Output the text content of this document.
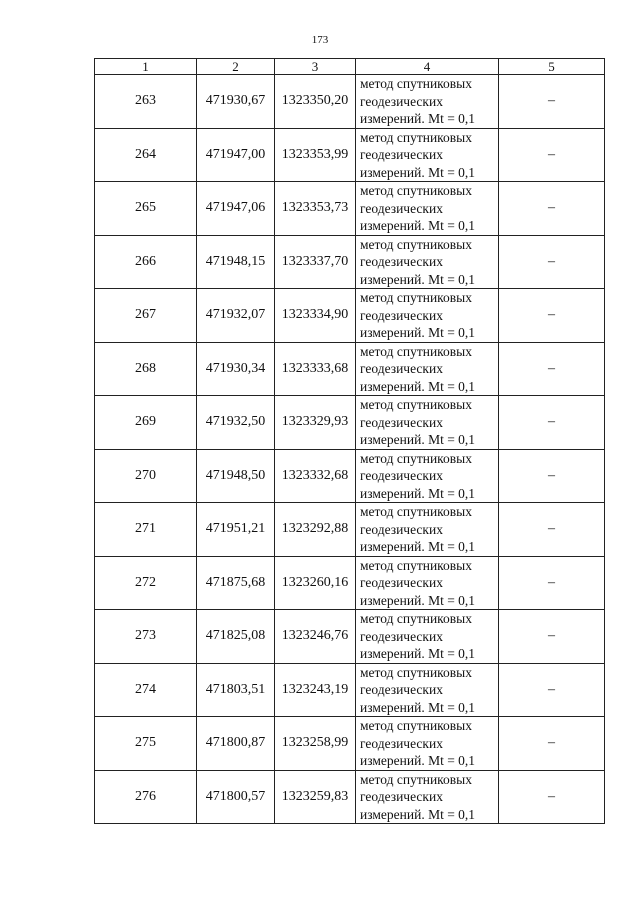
173
1	2	3	4	5
263	471930,67	1323350,20	метод спутниковых
геодезических
измерений. Mt = 0,1	–
264	471947,00	1323353,99	метод спутниковых
геодезических
измерений. Mt = 0,1	–
265	471947,06	1323353,73	метод спутниковых
геодезических
измерений. Mt = 0,1	–
266	471948,15	1323337,70	метод спутниковых
геодезических
измерений. Mt = 0,1	–
267	471932,07	1323334,90	метод спутниковых
геодезических
измерений. Mt = 0,1	–
268	471930,34	1323333,68	метод спутниковых
геодезических
измерений. Mt = 0,1	–
269	471932,50	1323329,93	метод спутниковых
геодезических
измерений. Mt = 0,1	–
270	471948,50	1323332,68	метод спутниковых
геодезических
измерений. Mt = 0,1	–
271	471951,21	1323292,88	метод спутниковых
геодезических
измерений. Mt = 0,1	–
272	471875,68	1323260,16	метод спутниковых
геодезических
измерений. Mt = 0,1	–
273	471825,08	1323246,76	метод спутниковых
геодезических
измерений. Mt = 0,1	–
274	471803,51	1323243,19	метод спутниковых
геодезических
измерений. Mt = 0,1	–
275	471800,87	1323258,99	метод спутниковых
геодезических
измерений. Mt = 0,1	–
276	471800,57	1323259,83	метод спутниковых
геодезических
измерений. Mt = 0,1	–
